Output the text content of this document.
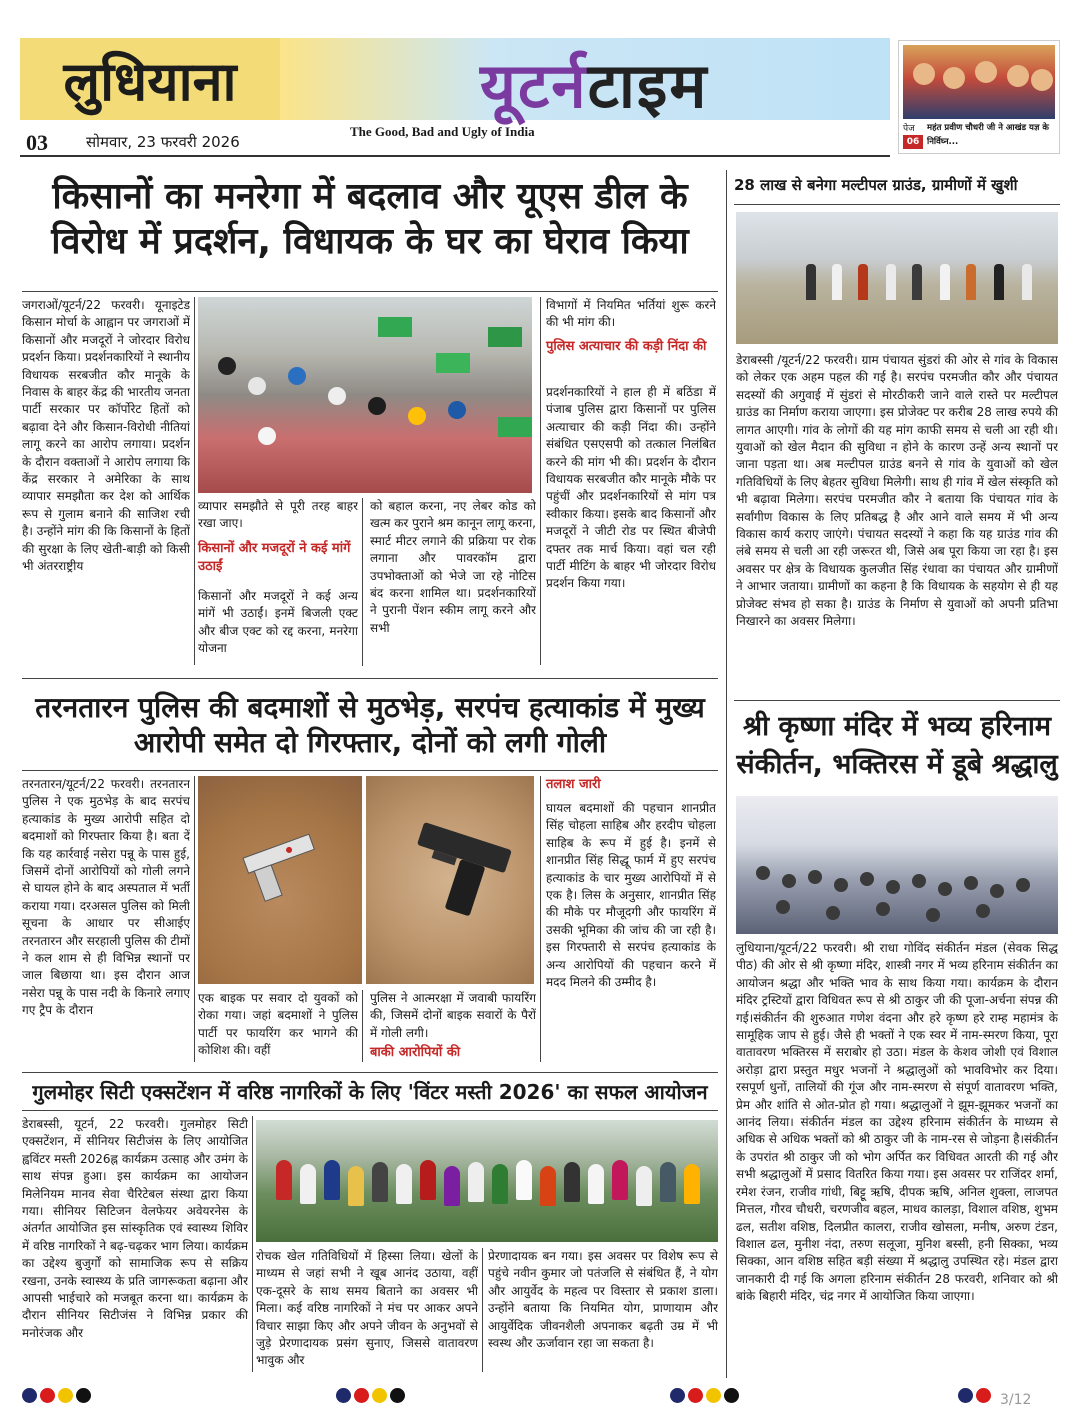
लुधियाना	यूटर्नटाइम
The Good, Bad and Ugly of India
03	सोमवार, 23 फरवरी 2026
पेज
06
महंत प्रवीण चौधरी जी ने आखंड यज्ञ के निर्विघ्न...
किसानों का मनरेगा में बदलाव और यूएस डील के विरोध में प्रदर्शन, विधायक के घर का घेराव किया
जगराओं/यूटर्न/22 फरवरी। यूनाइटेड किसान मोर्चा के आह्वान पर जगराओं में किसानों और मजदूरों ने जोरदार विरोध प्रदर्शन किया। प्रदर्शनकारियों ने स्थानीय विधायक सरबजीत कौर मानूके के निवास के बाहर केंद्र की भारतीय जनता पार्टी सरकार पर कॉर्पोरेट हितों को बढ़ावा देने और किसान-विरोधी नीतियां लागू करने का आरोप लगाया। प्रदर्शन के दौरान वक्ताओं ने आरोप लगाया कि केंद्र सरकार ने अमेरिका के साथ व्यापार समझौता कर देश को आर्थिक रूप से गुलाम बनाने की साजिश रची है। उन्होंने मांग की कि किसानों के हितों की सुरक्षा के लिए खेती-बाड़ी को किसी भी अंतरराष्ट्रीय
व्यापार समझौते से पूरी तरह बाहर रखा जाए।
किसानों और मजदूरों ने कई मांगें उठाईं
किसानों और मजदूरों ने कई अन्य मांगें भी उठाईं। इनमें बिजली एक्ट और बीज एक्ट को रद्द करना, मनरेगा योजना
को बहाल करना, नए लेबर कोड को खत्म कर पुराने श्रम कानून लागू करना, स्मार्ट मीटर लगाने की प्रक्रिया पर रोक लगाना और पावरकॉम द्वारा उपभोक्ताओं को भेजे जा रहे नोटिस बंद करना शामिल था। प्रदर्शनकारियों ने पुरानी पेंशन स्कीम लागू करने और सभी
विभागों में नियमित भर्तियां शुरू करने की भी मांग की।
पुलिस अत्याचार की कड़ी निंदा की
प्रदर्शनकारियों ने हाल ही में बठिंडा में पंजाब पुलिस द्वारा किसानों पर पुलिस अत्याचार की कड़ी निंदा की। उन्होंने संबंधित एसएसपी को तत्काल निलंबित करने की मांग भी की। प्रदर्शन के दौरान विधायक सरबजीत कौर मानूके मौके पर पहुंचीं और प्रदर्शनकारियों से मांग पत्र स्वीकार किया। इसके बाद किसानों और मजदूरों ने जीटी रोड पर स्थित बीजेपी दफ्तर तक मार्च किया। वहां चल रही पार्टी मीटिंग के बाहर भी जोरदार विरोध प्रदर्शन किया गया।
28 लाख से बनेगा मल्टीपल ग्राउंड, ग्रामीणों में खुशी
डेराबस्सी /यूटर्न/22 फरवरी। ग्राम पंचायत सुंडरां की ओर से गांव के विकास को लेकर एक अहम पहल की गई है। सरपंच परमजीत कौर और पंचायत सदस्यों की अगुवाई में सुंडरां से मोरठीकरी जाने वाले रास्ते पर मल्टीपल ग्राउंड का निर्माण कराया जाएगा। इस प्रोजेक्ट पर करीब 28 लाख रुपये की लागत आएगी। गांव के लोगों की यह मांग काफी समय से चली आ रही थी। युवाओं को खेल मैदान की सुविधा न होने के कारण उन्हें अन्य स्थानों पर जाना पड़ता था। अब मल्टीपल ग्राउंड बनने से गांव के युवाओं को खेल गतिविधियों के लिए बेहतर सुविधा मिलेगी। साथ ही गांव में खेल संस्कृति को भी बढ़ावा मिलेगा। सरपंच परमजीत कौर ने बताया कि पंचायत गांव के सर्वांगीण विकास के लिए प्रतिबद्ध है और आने वाले समय में भी अन्य विकास कार्य कराए जाएंगे। पंचायत सदस्यों ने कहा कि यह ग्राउंड गांव की लंबे समय से चली आ रही जरूरत थी, जिसे अब पूरा किया जा रहा है। इस अवसर पर क्षेत्र के विधायक कुलजीत सिंह रंधावा का पंचायत और ग्रामीणों ने आभार जताया। ग्रामीणों का कहना है कि विधायक के सहयोग से ही यह प्रोजेक्ट संभव हो सका है। ग्राउंड के निर्माण से युवाओं को अपनी प्रतिभा निखारने का अवसर मिलेगा।
तरनतारन पुलिस की बदमाशों से मुठभेड़, सरपंच हत्याकांड में मुख्य आरोपी समेत दो गिरफ्तार, दोनों को लगी गोली
तरनतारन/यूटर्न/22 फरवरी। तरनतारन पुलिस ने एक मुठभेड़ के बाद सरपंच हत्याकांड के मुख्य आरोपी सहित दो बदमाशों को गिरफ्तार किया है। बता दें कि यह कार्रवाई नसेरा पन्नू के पास हुई, जिसमें दोनों आरोपियों को गोली लगने से घायल होने के बाद अस्पताल में भर्ती कराया गया। दरअसल पुलिस को मिली सूचना के आधार पर सीआईए तरनतारन और सरहाली पुलिस की टीमों ने कल शाम से ही विभिन्न स्थानों पर जाल बिछाया था। इस दौरान आज नसेरा पन्नू के पास नदी के किनारे लगाए गए ट्रैप के दौरान
एक बाइक पर सवार दो युवकों को रोका गया। जहां बदमाशों ने पुलिस पार्टी पर फायरिंग कर भागने की कोशिश की। वहीं
पुलिस ने आत्मरक्षा में जवाबी फायरिंग की, जिसमें दोनों बाइक सवारों के पैरों में गोली लगी।
बाकी आरोपियों की
तलाश जारी
घायल बदमाशों की पहचान शानप्रीत सिंह चोहला साहिब और हरदीप चोहला साहिब के रूप में हुई है। इनमें से शानप्रीत सिंह सिद्धू फार्म में हुए सरपंच हत्याकांड के चार मुख्य आरोपियों में से एक है। लिस के अनुसार, शानप्रीत सिंह की मौके पर मौजूदगी और फायरिंग में उसकी भूमिका की जांच की जा रही है। इस गिरफ्तारी से सरपंच हत्याकांड के अन्य आरोपियों की पहचान करने में मदद मिलने की उम्मीद है।
श्री कृष्णा मंदिर में भव्य हरिनाम संकीर्तन, भक्तिरस में डूबे श्रद्धालु
लुधियाना/यूटर्न/22 फरवरी। श्री राधा गोविंद संकीर्तन मंडल (सेवक सिद्ध पीठ) की ओर से श्री कृष्णा मंदिर, शास्त्री नगर में भव्य हरिनाम संकीर्तन का आयोजन श्रद्धा और भक्ति भाव के साथ किया गया। कार्यक्रम के दौरान मंदिर ट्रस्टियों द्वारा विधिवत रूप से श्री ठाकुर जी की पूजा-अर्चना संपन्न की गई।संकीर्तन की शुरुआत गणेश वंदना और हरे कृष्ण हरे राम्ह महामंत्र के सामूहिक जाप से हुई। जैसे ही भक्तों ने एक स्वर में नाम-स्मरण किया, पूरा वातावरण भक्तिरस में सराबोर हो उठा। मंडल के केशव जोशी एवं विशाल अरोड़ा द्वारा प्रस्तुत मधुर भजनों ने श्रद्धालुओं को भावविभोर कर दिया। रसपूर्ण धुनों, तालियों की गूंज और नाम-स्मरण से संपूर्ण वातावरण भक्ति, प्रेम और शांति से ओत-प्रोत हो गया। श्रद्धालुओं ने झूम-झूमकर भजनों का आनंद लिया। संकीर्तन मंडल का उद्देश्य हरिनाम संकीर्तन के माध्यम से अधिक से अधिक भक्तों को श्री ठाकुर जी के नाम-रस से जोड़ना है।संकीर्तन के उपरांत श्री ठाकुर जी को भोग अर्पित कर विधिवत आरती की गई और सभी श्रद्धालुओं में प्रसाद वितरित किया गया। इस अवसर पर राजिंदर शर्मा, रमेश रंजन, राजीव गांधी, बिट्टू ऋषि, दीपक ऋषि, अनिल शुक्ला, लाजपत मित्तल, गौरव चौधरी, चरणजीव बहल, माधव कालड़ा, विशाल वशिष्ठ, शुभम ढल, सतीश वशिष्ठ, दिलप्रीत कालरा, राजीव खोसला, मनीष, अरुण टंडन, विशाल ढल, मुनीश नंदा, तरुण सलूजा, मुनिश बस्सी, हनी सिक्का, भव्य सिक्का, आन वशिष्ठ सहित बड़ी संख्या में श्रद्धालु उपस्थित रहे। मंडल द्वारा जानकारी दी गई कि अगला हरिनाम संकीर्तन 28 फरवरी, शनिवार को श्री बांके बिहारी मंदिर, चंद्र नगर में आयोजित किया जाएगा।
गुलमोहर सिटी एक्सटेंशन में वरिष्ठ नागरिकों के लिए 'विंटर मस्ती 2026' का सफल आयोजन
डेराबस्सी, यूटर्न, 22 फरवरी। गुलमोहर सिटी एक्सटेंशन, में सीनियर सिटीजंस के लिए आयोजित ह्वविंटर मस्ती 2026ह्न कार्यक्रम उत्साह और उमंग के साथ संपन्न हुआ। इस कार्यक्रम का आयोजन मिलेनियम मानव सेवा चैरिटेबल संस्था द्वारा किया गया। सीनियर सिटिजन वेलफेयर अवेयरनेस के अंतर्गत आयोजित इस सांस्कृतिक एवं स्वास्थ्य शिविर में वरिष्ठ नागरिकों ने बढ़-चढ़कर भाग लिया। कार्यक्रम का उद्देश्य बुजुर्गों को सामाजिक रूप से सक्रिय रखना, उनके स्वास्थ्य के प्रति जागरूकता बढ़ाना और आपसी भाईचारे को मजबूत करना था। कार्यक्रम के दौरान सीनियर सिटीजंस ने विभिन्न प्रकार की मनोरंजक और
रोचक खेल गतिविधियों में हिस्सा लिया। खेलों के माध्यम से जहां सभी ने खूब आनंद उठाया, वहीं एक-दूसरे के साथ समय बिताने का अवसर भी मिला। कई वरिष्ठ नागरिकों ने मंच पर आकर अपने विचार साझा किए और अपने जीवन के अनुभवों से जुड़े प्रेरणादायक प्रसंग सुनाए, जिससे वातावरण भावुक और
प्रेरणादायक बन गया। इस अवसर पर विशेष रूप से पहुंचे नवीन कुमार जो पतंजलि से संबंधित हैं, ने योग और आयुर्वेद के महत्व पर विस्तार से प्रकाश डाला। उन्होंने बताया कि नियमित योग, प्राणायाम और आयुर्वेदिक जीवनशैली अपनाकर बढ़ती उम्र में भी स्वस्थ और ऊर्जावान रहा जा सकता है।
3/12
